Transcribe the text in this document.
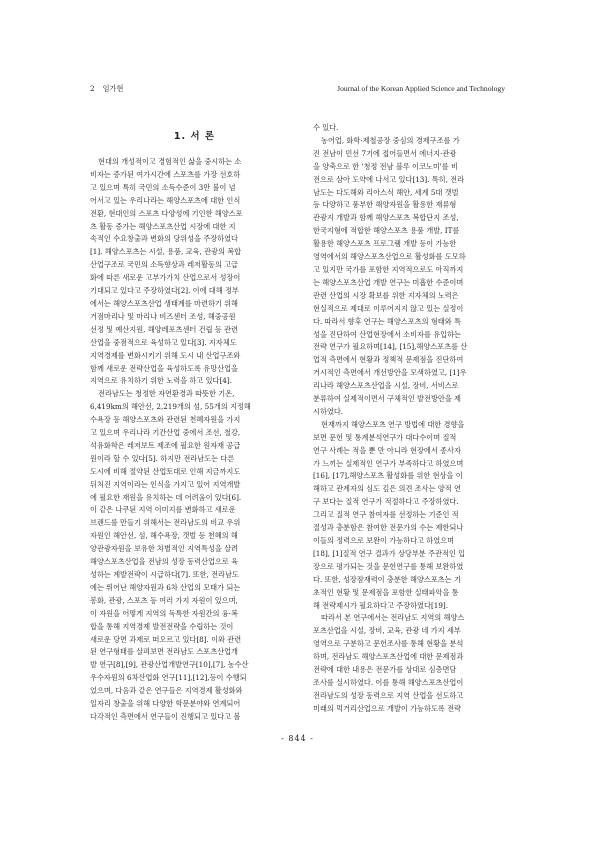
2 임가현	Journal of the Korean Applied Science and Technology
1. 서 론

현대의 개성적이고 경험적인 삶을 중시하는 소
비자는 증가된 여가시간에 스포츠를 가장 선호하
고 있으며 특히 국민의 소득수준이 3만 불이 넘
어서고 있는 우리나라는 해양스포츠에 대한 인식
전환, 현대인의 스포츠 다양성에 기인한 해양스포
츠 활동 증가는 해양스포츠산업 시장에 대한 지
속적인 수요창출과 변화의 당위성을 주장하였다
[1]. 해양스포츠는 시설, 용품, 교육, 관광의 복합
산업구조로 국민의 소득향상과 레저활동의 고급
화에 따른 새로운 고부가가치 산업으로서 성장이
기대되고 있다고 주장하였다[2]. 이에 대해 정부
에서는 해양스포츠산업 생태계를 마련하기 위해
거점마리나 및 마리나 비즈센터 조성, 해중공원
선정 및 예산지원, 해양레포츠센터 건립 등 관련
산업을 중점적으로 육성하고 있다[3]. 지자체도
지역경제를 변화시키기 위해 도시 내 산업구조와
함께 새로운 전략산업을 육성하도록 유망산업을
지역으로 유치하기 위한 노력을 하고 있다[4].

전라남도는 청정한 자연환경과 따뜻한 기온,
6,419km의 해안선, 2,219개의 섬, 55개의 지정해
수욕장 등 해양스포츠와 관련된 천혜자원을 가지
고 있으며 우리나라 기간산업 중에서 조선, 철강,
석유화학은 레저보트 제조에 필요한 원자재 공급
원이라 할 수 있다[5]. 하지만 전라남도는 다른
도시에 비해 절약된 산업토대로 인해 지금까지도
뒤처진 지역이라는 인식을 가지고 있어 지역개발
에 필요한 재원을 유치하는 데 어려움이 있다[6].
이 같은 나쿠된 지역 이미지를 변화하고 새로운
브랜드를 만들기 위해서는 전라남도의 비교 우위
자원인 해안선, 섬, 해수욕장, 갯벌 등 천혜의 해
양관광자원을 보유한 차별적인 지역특성을 살려
해양스포츠산업을 전남의 성장 동력산업으로 육
성하는 계발전략이 시급하다[7]. 또한, 전라남도
에는 뛰어난 해양자원과 6차 산업의 모태가 되는
봉화, 관광, 스포츠 등 여러 가지 자원이 있으며,
이 자원을 어떻게 지역의 독특한 자원간의 융·복
합을 통해 지역경제 발전전략을 수립하는 것이
새로운 당면 과제로 떠오르고 있다[8]. 이와 관련
된 연구형태를 살펴보면 전라남도 스포츠산업개
발 연구[8],[9], 관광산업개발연구[10],[7], 농수산
우수자원의 6차산업화 연구[11],[12],등이 수행되
었으며, 다음과 같은 연구들은 지역경제 활성화와
일자리 창출을 위해 다양한 학문분야와 연계되어
다각적인 측면에서 연구들이 진행되고 있다고 볼

수 있다.

농어업, 화학·제철공장 중심의 경제구조를 가
진 전남이 민선 7기에 접어들면서 에너지·관광
을 양축으로 한 '청정 전남 블루 이코노미'를 비
전으로 삼아 도약에 나서고 있다[13]. 특히, 전라
남도는 다도해와 리아스식 해안, 세계 5대 갯벌
등 다양하고 풍부한 해양자원을 활용한 재류형
관광지 개발과 함께 해양스포츠 복합단지 조성,
한국지형에 적합한 해양스포츠 용품 개발, IT를
활용한 해양스포츠 프로그램 개발 등이 가능한
영역에서의 해양스포츠산업으로 활성화를 도모하
고 있지만 국가를 포함한 지역적으로도 아직까지
는 해양스포츠산업 개발 연구는 미흡한 수준이며
관련 산업의 시장 확보를 위한 지자체의 노력은
현실적으로 제대로 이루어지지 않고 있는 실정이
다. 따라서 향후 연구는 해양스포츠의 형태와 특
성을 진단하여 산업현장에서 소비자를 유입하는
전략 연구가 필요하며[14], [15],해양스포츠를 산
업적 측면에서 현황과 정책적 문제점을 진단하여
거시적인 측면에서 개선방안을 모색하였고, [1]우
리나라 해양스포츠산업을 시설, 장비, 서비스로
분류하여 실제적이면서 구체적인 발전방안을 제
시하였다.

현재까지 해양스포츠 연구 방법에 대한 경향을
보면 문헌 및 통계분석연구가 대다수이며 질적
연구 사례는 적을 뿐 만 아니라 현장에서 종사자
가 느끼는 실제적인 연구가 부족하다고 하였으며
[16], [17],해양스포츠 활성화를 위한 현상을 이
해하고 관계자의 심도 깊은 의견 조사는 양적 연
구 보다는 질적 연구가 적절하다고 주장하였다.
그리고 질적 연구 참여자를 선정하는 기준인 적
절성과 충분함은 참여한 전문가의 수는 제한되나
이들의 정력으로 보완이 가능하다고 하였으며
[18], [1]질적 연구 결과가 상당부분 주관적인 입
장으로 평가되는 것을 문헌연구를 통해 보완하였
다. 또한, 성장잠재력이 충분한 해양스포츠는 기
초적인 현황 및 문제점을 포함한 실태파악을 통
해 전략제시가 필요하다고 주장하였다[19].

따라서 본 연구에서는 전라남도 지역의 해양스
포츠산업을 시설, 장비, 교육, 관광 네 가지 세부
영역으로 구분하고 문헌조사를 통해 현황을 분석
하며, 전라남도 해양스포츠산업에 대한 문제점과
전략에 대한 내용은 전문가를 상대로 심층면담
조사를 실시하였다. 이를 통해 해양스포츠산업이
전라남도의 성장 동력으로 지역 산업을 선도하고
미래의 먹거리산업으로 개발이 가능하도록 전략

- 844 -
